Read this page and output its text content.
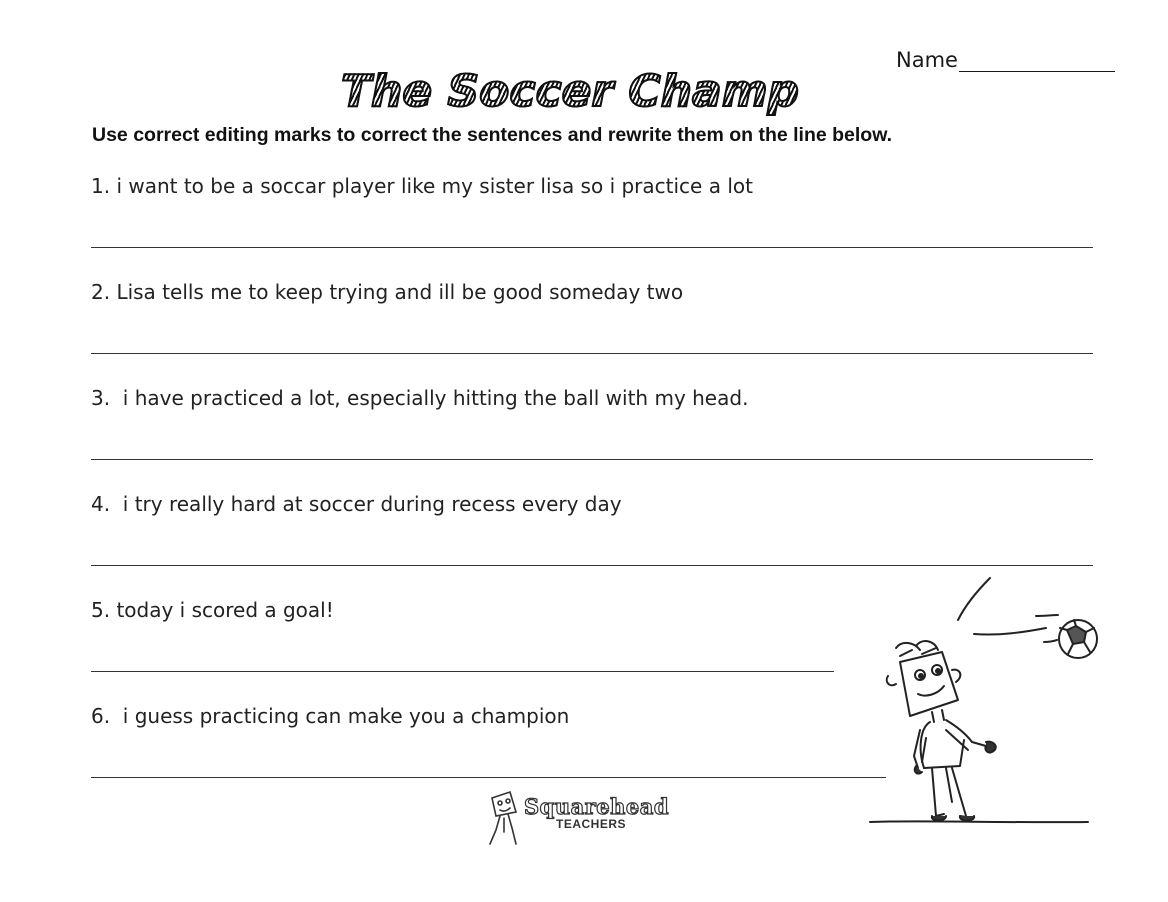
Name
The Soccer Champ
Use correct editing marks to correct the sentences and rewrite them on the line below.
1. i want to be a soccar player like my sister lisa so i practice a lot
2. Lisa tells me to keep trying and ill be good someday two
3.  i have practiced a lot, especially hitting the ball with my head.
4.  i try really hard at soccer during recess every day
5. today i scored a goal!
6.  i guess practicing can make you a champion
Squarehead
TEACHERS
